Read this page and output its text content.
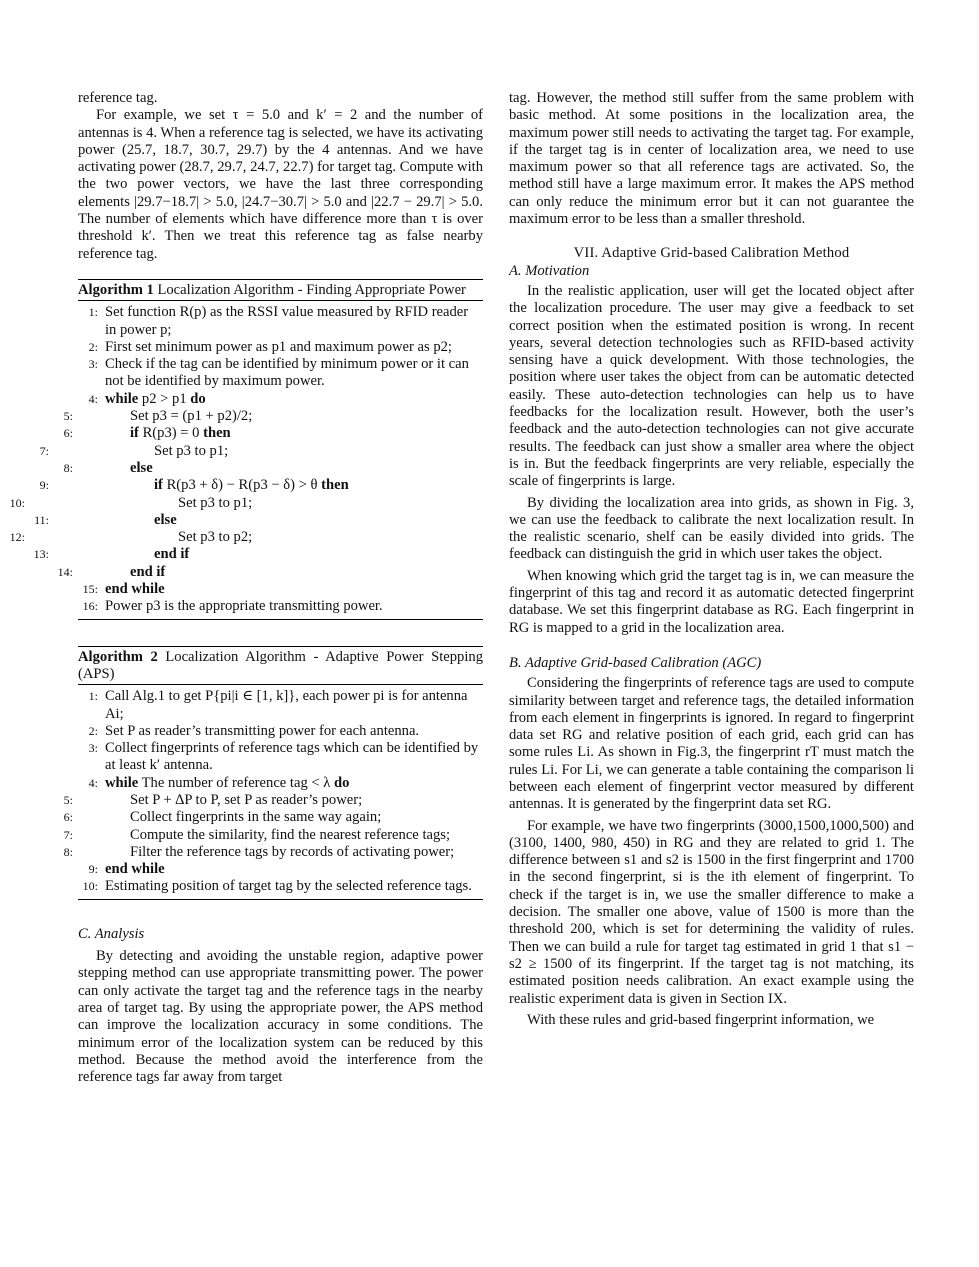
reference tag.

For example, we set τ = 5.0 and k′ = 2 and the number of antennas is 4. When a reference tag is selected, we have its activating power (25.7, 18.7, 30.7, 29.7) by the 4 antennas. And we have activating power (28.7, 29.7, 24.7, 22.7) for target tag. Compute with the two power vectors, we have the last three corresponding elements |29.7−18.7| > 5.0, |24.7−30.7| > 5.0 and |22.7 − 29.7| > 5.0. The number of elements which have difference more than τ is over threshold k′. Then we treat this reference tag as false nearby reference tag.

Algorithm 1 Localization Algorithm - Finding Appropriate Power
1: Set function R(p) as the RSSI value measured by RFID reader in power p;
2: First set minimum power as p1 and maximum power as p2;
3: Check if the tag can be identified by minimum power or it can not be identified by maximum power.
4: while p2 > p1 do
5:	Set p3 = (p1 + p2)/2;
6:	if R(p3) = 0 then
7:	Set p3 to p1;
8:	else
9:	if R(p3 + δ) − R(p3 − δ) > θ then
10:	Set p3 to p1;
11:	else
12:	Set p3 to p2;
13:	end if
14:	end if
15: end while
16: Power p3 is the appropriate transmitting power.
Algorithm 2 Localization Algorithm - Adaptive Power Stepping (APS)
1: Call Alg.1 to get P{pi|i ∈ [1, k]}, each power pi is for antenna Ai;
2: Set P as reader’s transmitting power for each antenna.
3: Collect fingerprints of reference tags which can be identified by at least k′ antenna.
4: while The number of reference tag < λ do
5:	Set P + ∆P to P, set P as reader’s power;
6:	Collect fingerprints in the same way again;
7:	Compute the similarity, find the nearest reference tags;
8:	Filter the reference tags by records of activating power;
9: end while
10: Estimating position of target tag by the selected reference tags.

C. Analysis

By detecting and avoiding the unstable region, adaptive power stepping method can use appropriate transmitting power. The power can only activate the target tag and the reference tags in the nearby area of target tag. By using the appropriate power, the APS method can improve the localization accuracy in some conditions. The minimum error of the localization system can be reduced by this method. Because the method avoid the interference from the reference tags far away from target

tag. However, the method still suffer from the same problem with basic method. At some positions in the localization area, the maximum power still needs to activating the target tag. For example, if the target tag is in center of localization area, we need to use maximum power so that all reference tags are activated. So, the method still have a large maximum error. It makes the APS method can only reduce the minimum error but it can not guarantee the maximum error to be less than a smaller threshold.

VII. Adaptive Grid-based Calibration Method

A. Motivation

In the realistic application, user will get the located object after the localization procedure. The user may give a feedback to set correct position when the estimated position is wrong. In recent years, several detection technologies such as RFID-based activity sensing have a quick development. With those technologies, the position where user takes the object from can be automatic detected easily. These auto-detection technologies can help us to have feedbacks for the localization result. However, both the user’s feedback and the auto-detection technologies can not give accurate results. The feedback can just show a smaller area where the object is in. But the feedback fingerprints are very reliable, especially the scale of fingerprints is large.

By dividing the localization area into grids, as shown in Fig. 3, we can use the feedback to calibrate the next localization result. In the realistic scenario, shelf can be easily divided into grids. The feedback can distinguish the grid in which user takes the object.

When knowing which grid the target tag is in, we can measure the fingerprint of this tag and record it as automatic detected fingerprint database. We set this fingerprint database as RG. Each fingerprint in RG is mapped to a grid in the localization area.

B. Adaptive Grid-based Calibration (AGC)

Considering the fingerprints of reference tags are used to compute similarity between target and reference tags, the detailed information from each element in fingerprints is ignored. In regard to fingerprint data set RG and relative position of each grid, each grid can has some rules Li. As shown in Fig.3, the fingerprint rT must match the rules Li. For Li, we can generate a table containing the comparison li between each element of fingerprint vector measured by different antennas. It is generated by the fingerprint data set RG.

For example, we have two fingerprints (3000,1500,1000,500) and (3100, 1400, 980, 450) in RG and they are related to grid 1. The difference between s1 and s2 is 1500 in the first fingerprint and 1700 in the second fingerprint, si is the ith element of fingerprint. To check if the target is in, we use the smaller difference to make a decision. The smaller one above, value of 1500 is more than the threshold 200, which is set for determining the validity of rules. Then we can build a rule for target tag estimated in grid 1 that s1 − s2 ≥ 1500 of its fingerprint. If the target tag is not matching, its estimated position needs calibration. An exact example using the realistic experiment data is given in Section IX.

With these rules and grid-based fingerprint information, we
